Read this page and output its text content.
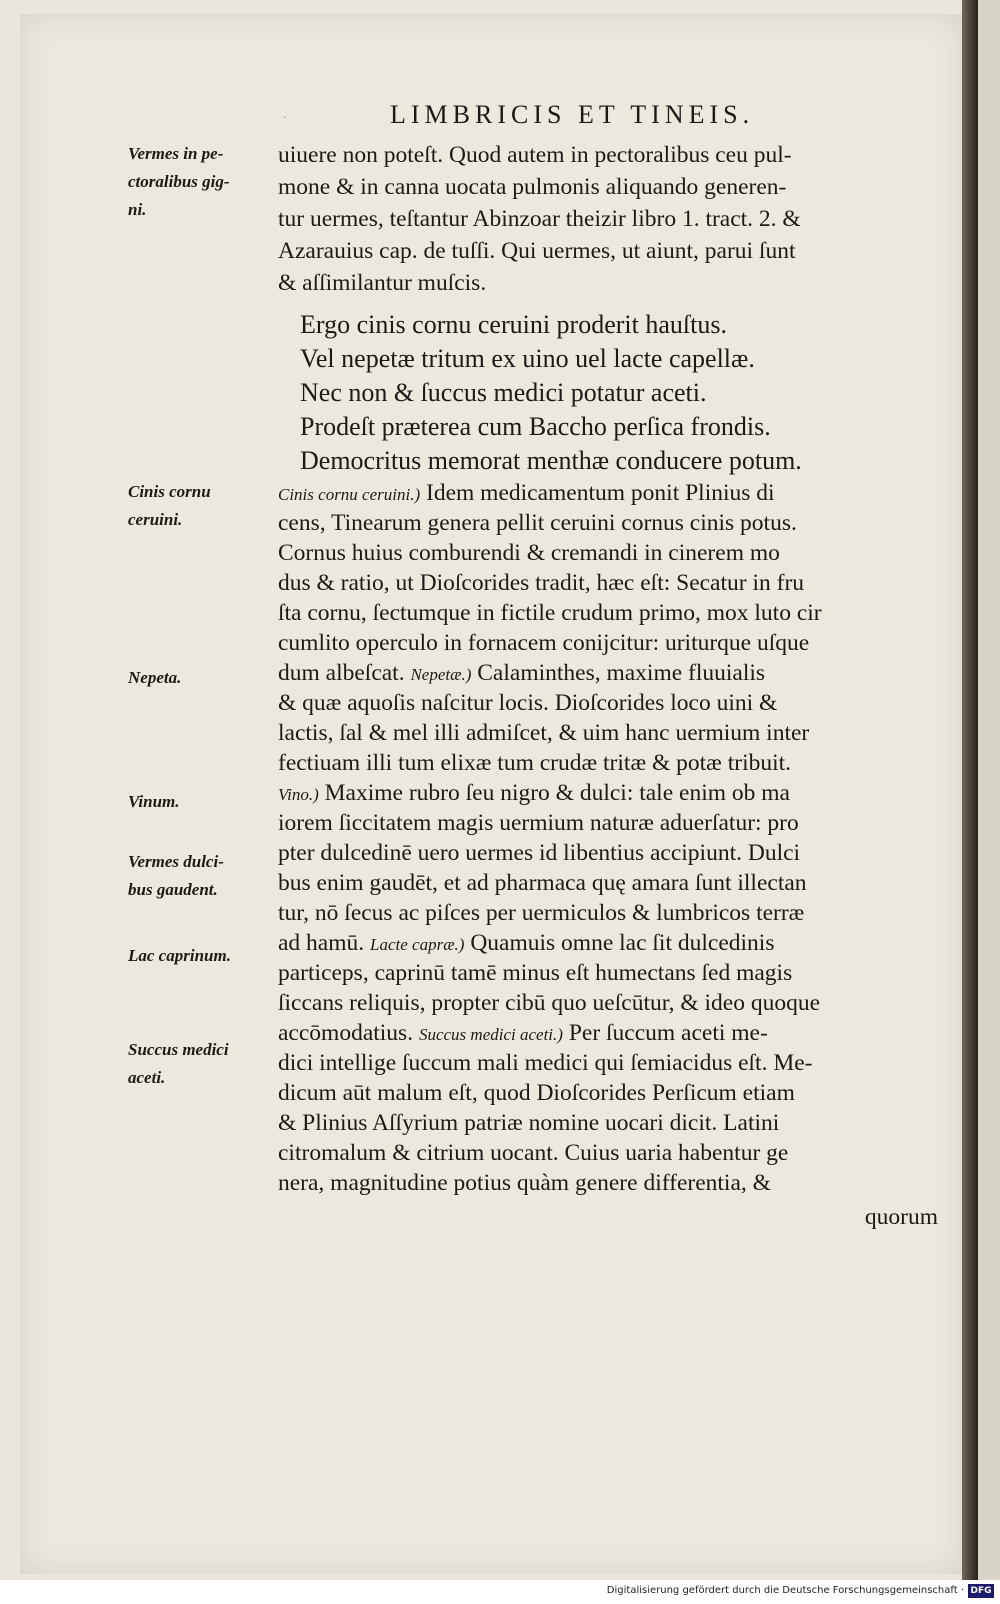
·	LIMBRICIS ET TINEIS.
Vermes in pe-
ctoralibus gig-
ni.
Cinis cornu
ceruini.
Nepeta.
Vinum.
Vermes dulci-
bus gaudent.
Lac caprinum.
Succus medici
aceti.
uiuere non poteſt. Quod autem in pectoralibus ceu pul-
mone & in canna uocata pulmonis aliquando generen-
tur uermes, teſtantur Abinzoar theizir libro 1. tract. 2. &
Azarauius cap. de tuſſi. Qui uermes, ut aiunt, parui ſunt
& aſſimilantur muſcis.
Ergo cinis cornu ceruini proderit hauſtus.
Vel nepetæ tritum ex uino uel lacte capellæ.
Nec non & ſuccus medici potatur aceti.
Prodeſt præterea cum Baccho perſica frondis.
Democritus memorat menthæ conducere potum.
Cinis cornu ceruini.) Idem medicamentum ponit Plinius di
cens, Tinearum genera pellit ceruini cornus cinis potus.
Cornus huius comburendi & cremandi in cinerem mo
dus & ratio, ut Dioſcorides tradit, hæc eſt: Secatur in fru
ſta cornu, ſectumque in fictile crudum primo, mox luto cir
cumlito operculo in fornacem conijcitur: uriturque uſque
dum albeſcat. Nepetæ.) Calaminthes, maxime fluuialis
& quæ aquoſis naſcitur locis. Dioſcorides loco uini &
lactis, ſal & mel illi admiſcet, & uim hanc uermium inter
fectiuam illi tum elixæ tum crudæ tritæ & potæ tribuit.
Vino.) Maxime rubro ſeu nigro & dulci: tale enim ob ma
iorem ſiccitatem magis uermium naturæ aduerſatur: pro
pter dulcedinē uero uermes id libentius accipiunt. Dulci
bus enim gaudēt, et ad pharmaca quę amara ſunt illectan
tur, nō ſecus ac piſces per uermiculos & lumbricos terræ
ad hamū. Lacte capræ.) Quamuis omne lac ſit dulcedinis
particeps, caprinū tamē minus eſt humectans ſed magis
ſiccans reliquis, propter cibū quo ueſcūtur, & ideo quoque
accōmodatius. Succus medici aceti.) Per ſuccum aceti me-
dici intellige ſuccum mali medici qui ſemiacidus eſt. Me-
dicum aūt malum eſt, quod Dioſcorides Perſicum etiam
& Plinius Aſſyrium patriæ nomine uocari dicit. Latini
citromalum & citrium uocant. Cuius uaria habentur ge
nera, magnitudine potius quàm genere differentia, &
quorum
Digitalisierung gefördert durch die Deutsche Forschungsgemeinschaft · DFG
